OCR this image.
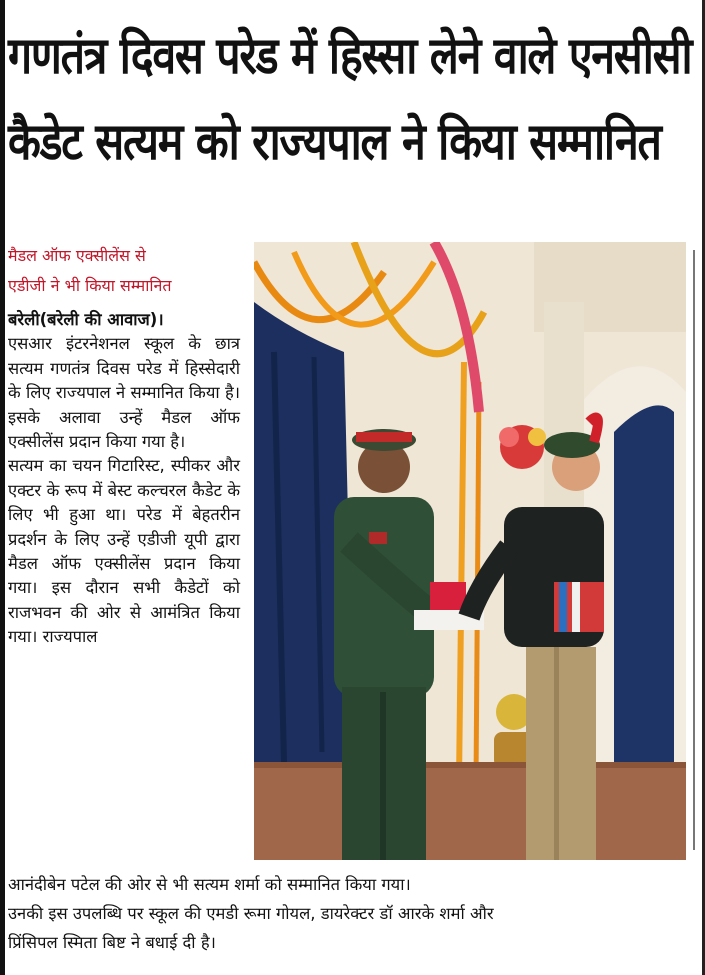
गणतंत्र दिवस परेड में हिस्सा लेने वाले एनसीसी
कैडेट सत्यम को राज्यपाल ने किया सम्मानित
मैडल ऑफ एक्सीलेंस से
एडीजी ने भी किया सम्मानित

बरेली(बरेली की आवाज)।

एसआर इंटरनेशनल स्कूल के छात्र सत्यम गणतंत्र दिवस परेड में हिस्सेदारी के लिए राज्यपाल ने सम्मानित किया है। इसके अलावा उन्हें मैडल ऑफ एक्सीलेंस प्रदान किया गया है।

सत्यम का चयन गिटारिस्ट, स्पीकर और एक्टर के रूप में बेस्ट कल्चरल कैडेट के लिए भी हुआ था। परेड में बेहतरीन प्रदर्शन के लिए उन्हें एडीजी यूपी द्वारा मैडल ऑफ एक्सीलेंस प्रदान किया गया। इस दौरान सभी कैडेटों को राजभवन की ओर से आमंत्रित किया गया। राज्यपाल

आनंदीबेन पटेल की ओर से भी सत्यम शर्मा को सम्मानित किया गया।
उनकी इस उपलब्धि पर स्कूल की एमडी रूमा गोयल, डायरेक्टर डॉ आरके शर्मा और
प्रिंसिपल स्मिता बिष्ट ने बधाई दी है।
